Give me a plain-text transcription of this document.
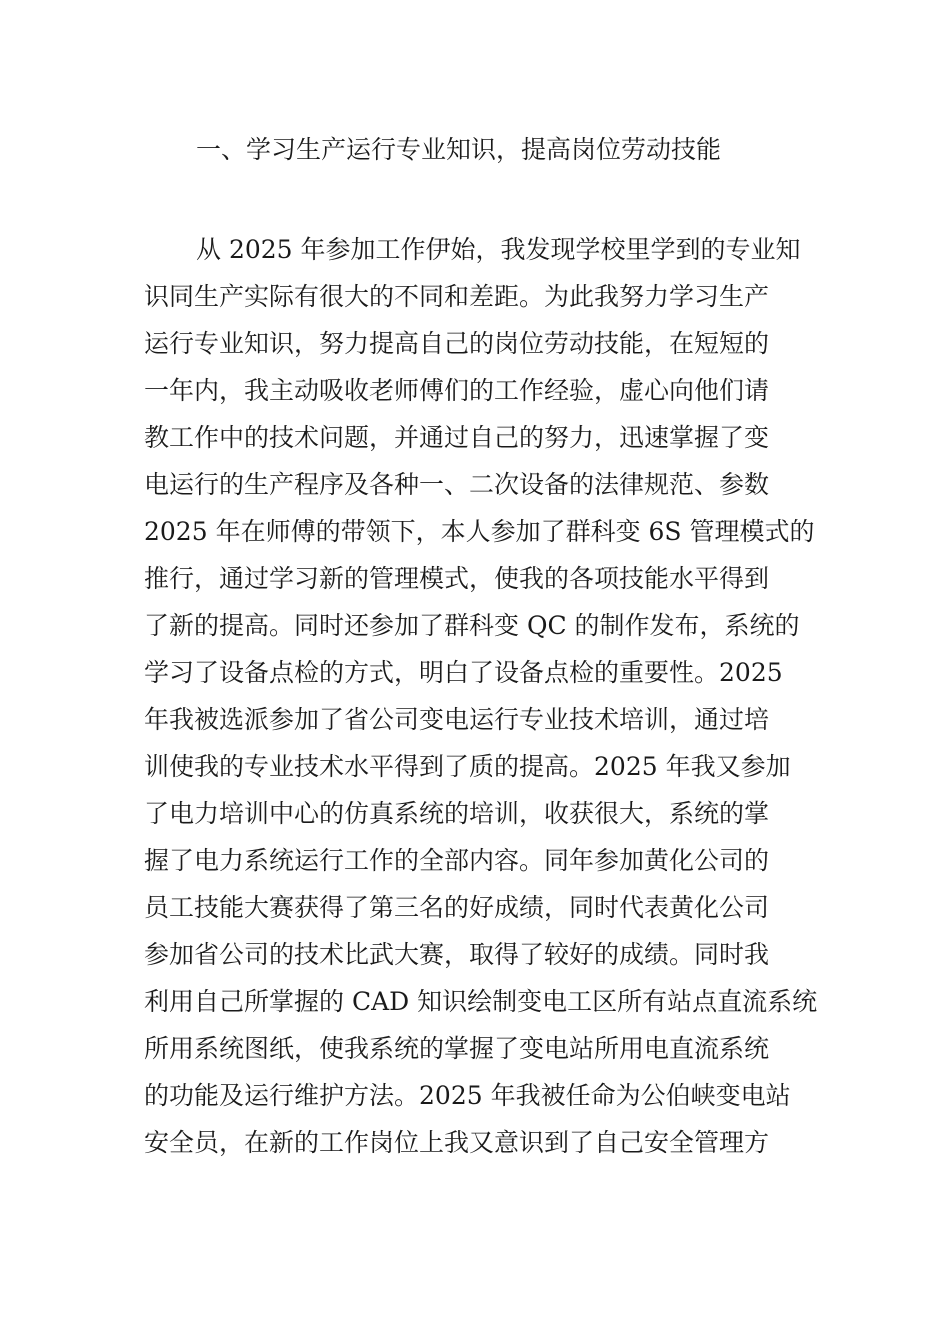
一、学习生产运行专业知识，提高岗位劳动技能
从 2025 年参加工作伊始，我发现学校里学到的专业知
识同生产实际有很大的不同和差距。为此我努力学习生产
运行专业知识，努力提高自己的岗位劳动技能，在短短的
一年内，我主动吸收老师傅们的工作经验，虚心向他们请
教工作中的技术问题，并通过自己的努力，迅速掌握了变
电运行的生产程序及各种一、二次设备的法律规范、参数
2025 年在师傅的带领下，本人参加了群科变 6S 管理模式的
推行，通过学习新的管理模式，使我的各项技能水平得到
了新的提高。同时还参加了群科变 QC 的制作发布，系统的
学习了设备点检的方式，明白了设备点检的重要性。2025
年我被选派参加了省公司变电运行专业技术培训，通过培
训使我的专业技术水平得到了质的提高。2025 年我又参加
了电力培训中心的仿真系统的培训，收获很大，系统的掌
握了电力系统运行工作的全部内容。同年参加黄化公司的
员工技能大赛获得了第三名的好成绩，同时代表黄化公司
参加省公司的技术比武大赛，取得了较好的成绩。同时我
利用自己所掌握的 CAD 知识绘制变电工区所有站点直流系统
所用系统图纸，使我系统的掌握了变电站所用电直流系统
的功能及运行维护方法。2025 年我被任命为公伯峡变电站
安全员，在新的工作岗位上我又意识到了自己安全管理方
